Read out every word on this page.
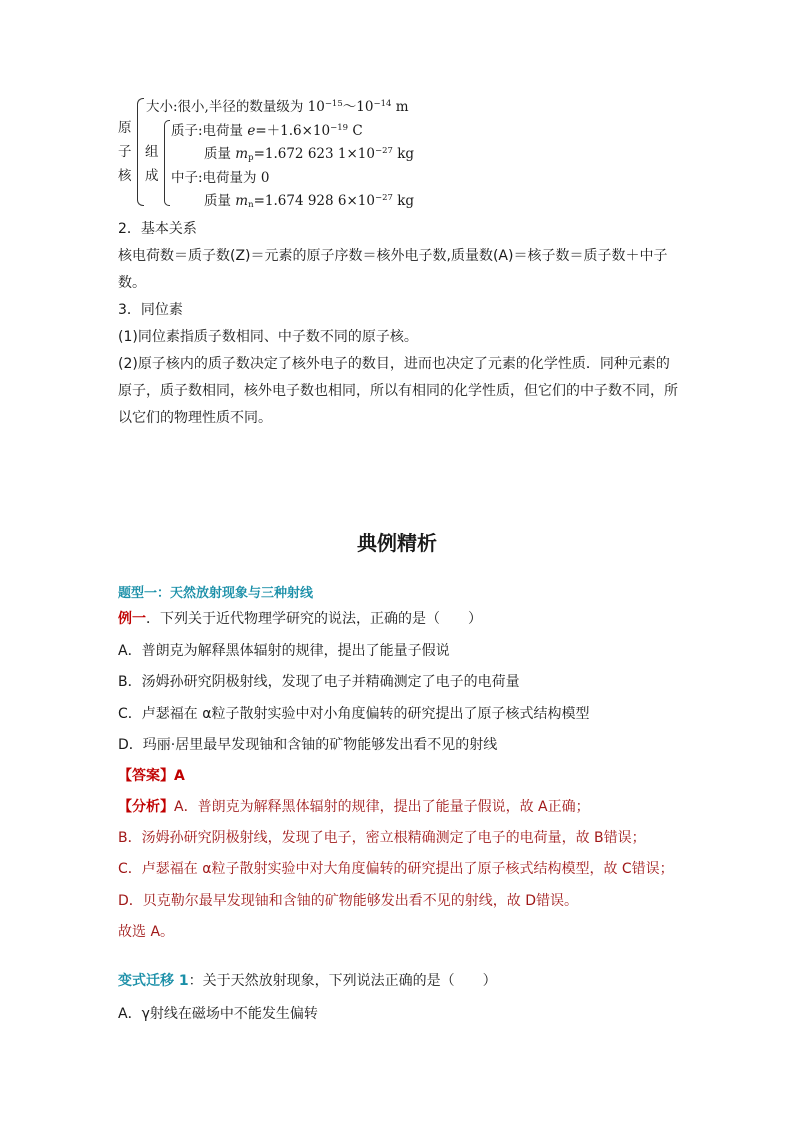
原
子
核
组
成
大小:很小,半径的数量级为 $10^{-15}\sim 10^{-14}$ m
质子:电荷量 $e=+1.6\times 10^{-19}$ C
质量 $m_p=1.672$ 623 $1\times 10^{-27}$ kg
中子:电荷量为 0
质量 $m_n=1.674$ 928 $6\times 10^{-27}$ kg
2．基本关系
核电荷数＝质子数(Z)＝元素的原子序数＝核外电子数,质量数(A)＝核子数＝质子数＋中子
数。
3．同位素
(1)同位素指质子数相同、中子数不同的原子核。
(2)原子核内的质子数决定了核外电子的数目，进而也决定了元素的化学性质．同种元素的
原子，质子数相同，核外电子数也相同，所以有相同的化学性质，但它们的中子数不同，所
以它们的物理性质不同。
典例精析
题型一：天然放射现象与三种射线
例一．下列关于近代物理学研究的说法，正确的是（　　）
A．普朗克为解释黑体辐射的规律，提出了能量子假说
B．汤姆孙研究阴极射线，发现了电子并精确测定了电子的电荷量
C．卢瑟福在 α粒子散射实验中对小角度偏转的研究提出了原子核式结构模型
D．玛丽·居里最早发现铀和含铀的矿物能够发出看不见的射线
【答案】A
【分析】A．普朗克为解释黑体辐射的规律，提出了能量子假说，故 A正确；
B．汤姆孙研究阴极射线，发现了电子，密立根精确测定了电子的电荷量，故 B错误；
C．卢瑟福在 α粒子散射实验中对大角度偏转的研究提出了原子核式结构模型，故 C错误；
D．贝克勒尔最早发现铀和含铀的矿物能够发出看不见的射线，故 D错误。
故选 A。
变式迁移 1：关于天然放射现象，下列说法正确的是（　　）
A．γ射线在磁场中不能发生偏转
